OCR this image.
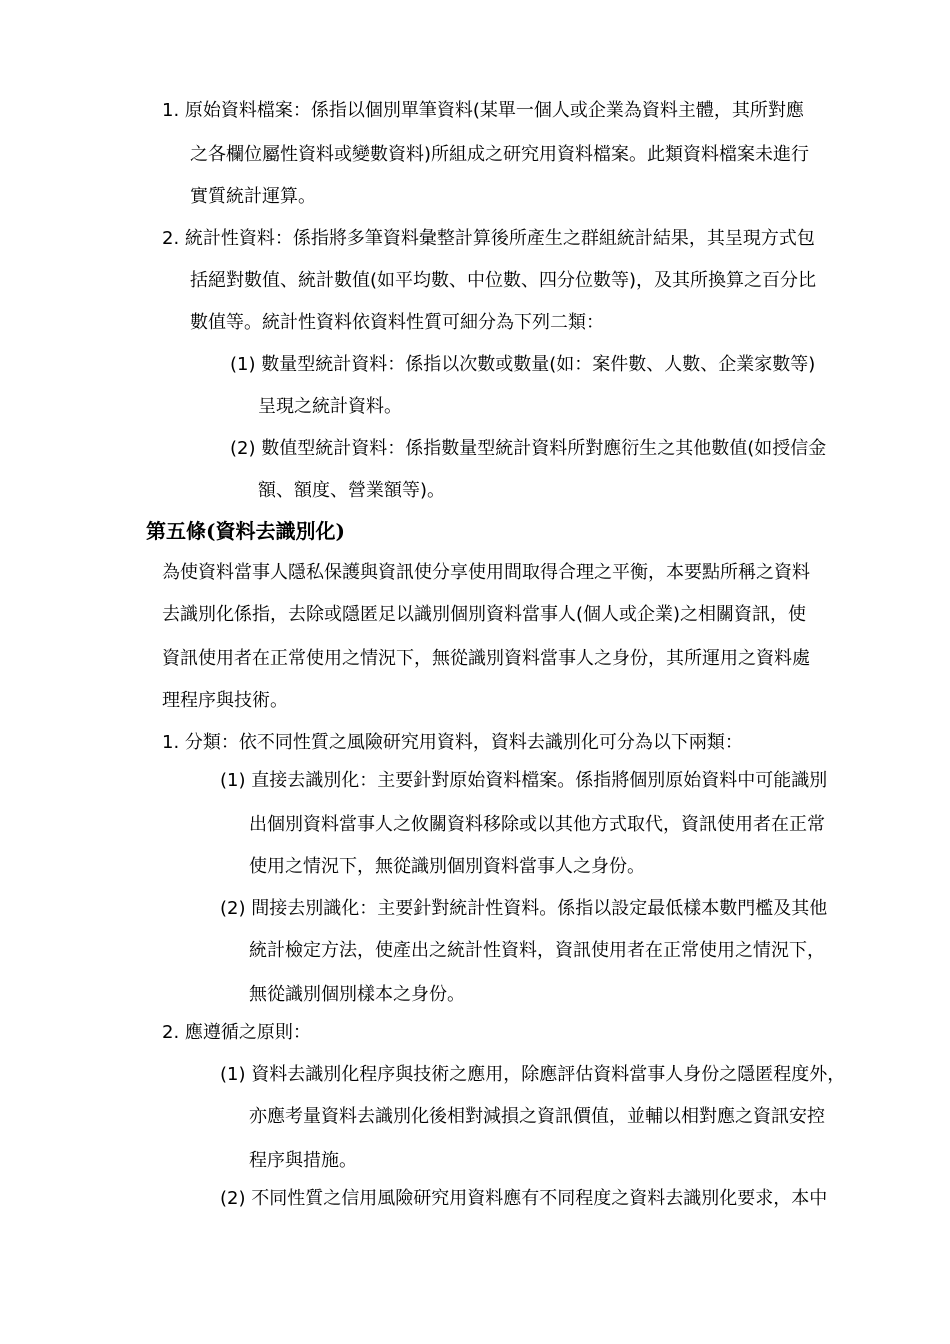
1. 原始資料檔案：係指以個別單筆資料(某單一個人或企業為資料主體，其所對應
之各欄位屬性資料或變數資料)所組成之研究用資料檔案。此類資料檔案未進行
實質統計運算。
2. 統計性資料：係指將多筆資料彙整計算後所產生之群組統計結果，其呈現方式包
括絕對數值、統計數值(如平均數、中位數、四分位數等)，及其所換算之百分比
數值等。統計性資料依資料性質可細分為下列二類：
(1) 數量型統計資料：係指以次數或數量(如：案件數、人數、企業家數等)
呈現之統計資料。
(2) 數值型統計資料：係指數量型統計資料所對應衍生之其他數值(如授信金
額、額度、營業額等)。
第五條(資料去識別化)
為使資料當事人隱私保護與資訊使分享使用間取得合理之平衡，本要點所稱之資料
去識別化係指，去除或隱匿足以識別個別資料當事人(個人或企業)之相關資訊，使
資訊使用者在正常使用之情況下，無從識別資料當事人之身份，其所運用之資料處
理程序與技術。
1. 分類：依不同性質之風險研究用資料，資料去識別化可分為以下兩類：
(1) 直接去識別化：主要針對原始資料檔案。係指將個別原始資料中可能識別
出個別資料當事人之攸關資料移除或以其他方式取代，資訊使用者在正常
使用之情況下，無從識別個別資料當事人之身份。
(2) 間接去別識化：主要針對統計性資料。係指以設定最低樣本數門檻及其他
統計檢定方法，使產出之統計性資料，資訊使用者在正常使用之情況下，
無從識別個別樣本之身份。
2. 應遵循之原則：
(1) 資料去識別化程序與技術之應用，除應評估資料當事人身份之隱匿程度外，
亦應考量資料去識別化後相對減損之資訊價值，並輔以相對應之資訊安控
程序與措施。
(2) 不同性質之信用風險研究用資料應有不同程度之資料去識別化要求，本中
